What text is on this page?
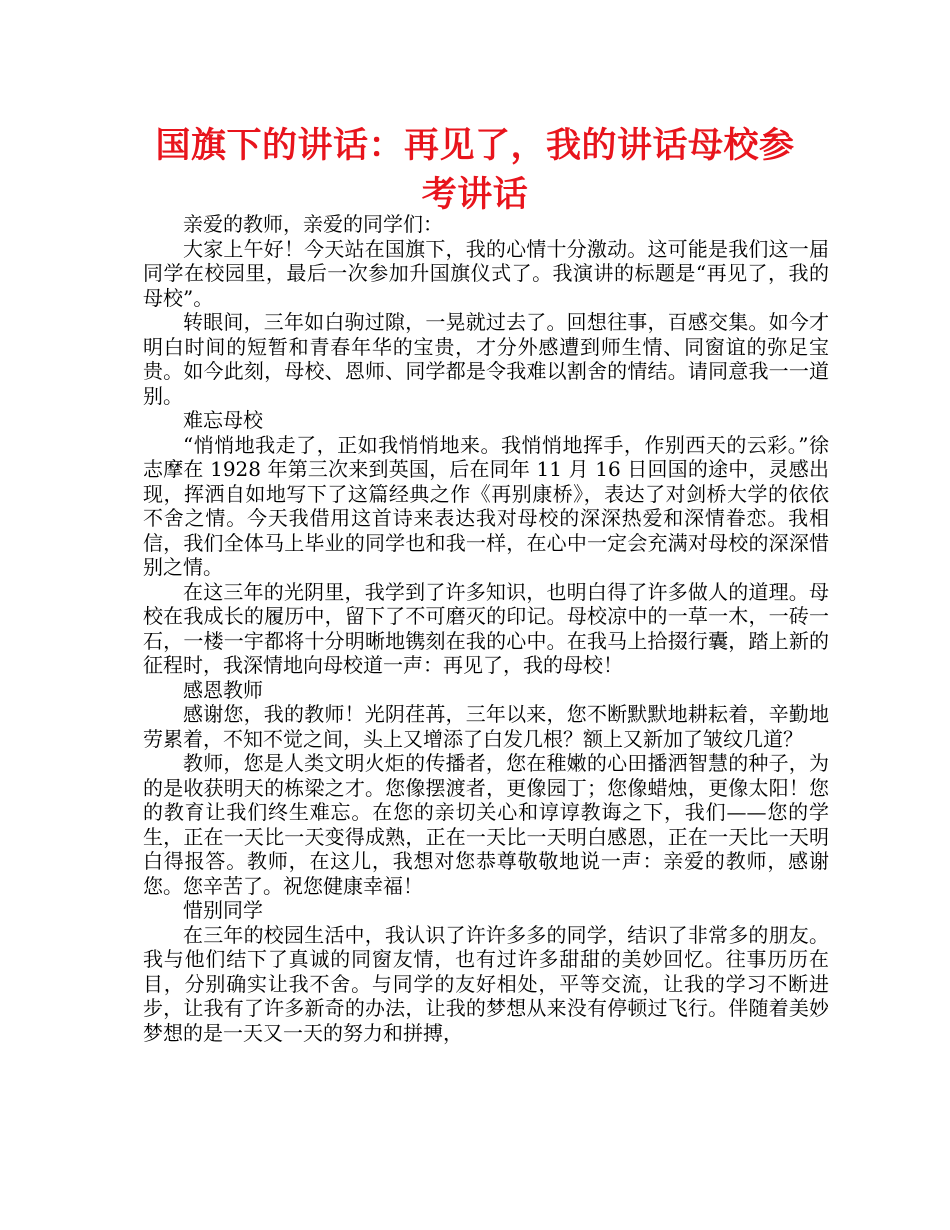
国旗下的讲话：再见了，我的讲话母校参考讲话

亲爱的教师，亲爱的同学们：

大家上午好！今天站在国旗下，我的心情十分激动。这可能是我们这一届同学在校园里，最后一次参加升国旗仪式了。我演讲的标题是“再见了，我的母校”。

转眼间，三年如白驹过隙，一晃就过去了。回想往事，百感交集。如今才明白时间的短暂和青春年华的宝贵，才分外感遭到师生情、同窗谊的弥足宝贵。如今此刻，母校、恩师、同学都是令我难以割舍的情结。请同意我一一道别。

难忘母校

“悄悄地我走了，正如我悄悄地来。我悄悄地挥手，作别西天的云彩。”徐志摩在 1928 年第三次来到英国，后在同年 11 月 16 日回国的途中，灵感出现，挥洒自如地写下了这篇经典之作《再别康桥》，表达了对剑桥大学的依依不舍之情。今天我借用这首诗来表达我对母校的深深热爱和深情眷恋。我相信，我们全体马上毕业的同学也和我一样，在心中一定会充满对母校的深深惜别之情。

在这三年的光阴里，我学到了许多知识，也明白得了许多做人的道理。母校在我成长的履历中，留下了不可磨灭的印记。母校凉中的一草一木，一砖一石，一楼一宇都将十分明晰地镌刻在我的心中。在我马上拾掇行囊，踏上新的征程时，我深情地向母校道一声：再见了，我的母校！

感恩教师

感谢您，我的教师！光阴荏苒，三年以来，您不断默默地耕耘着，辛勤地劳累着，不知不觉之间，头上又增添了白发几根？额上又新加了皱纹几道？

教师，您是人类文明火炬的传播者，您在稚嫩的心田播洒智慧的种子，为的是收获明天的栋梁之才。您像摆渡者，更像园丁；您像蜡烛，更像太阳！您的教育让我们终生难忘。在您的亲切关心和谆谆教诲之下，我们——您的学生，正在一天比一天变得成熟，正在一天比一天明白感恩，正在一天比一天明白得报答。教师，在这儿，我想对您恭尊敬敬地说一声：亲爱的教师，感谢您。您辛苦了。祝您健康幸福！

惜别同学

在三年的校园生活中，我认识了许许多多的同学，结识了非常多的朋友。我与他们结下了真诚的同窗友情，也有过许多甜甜的美妙回忆。往事历历在目，分别确实让我不舍。与同学的友好相处，平等交流，让我的学习不断进步，让我有了许多新奇的办法，让我的梦想从来没有停顿过飞行。伴随着美妙梦想的是一天又一天的努力和拼搏，
